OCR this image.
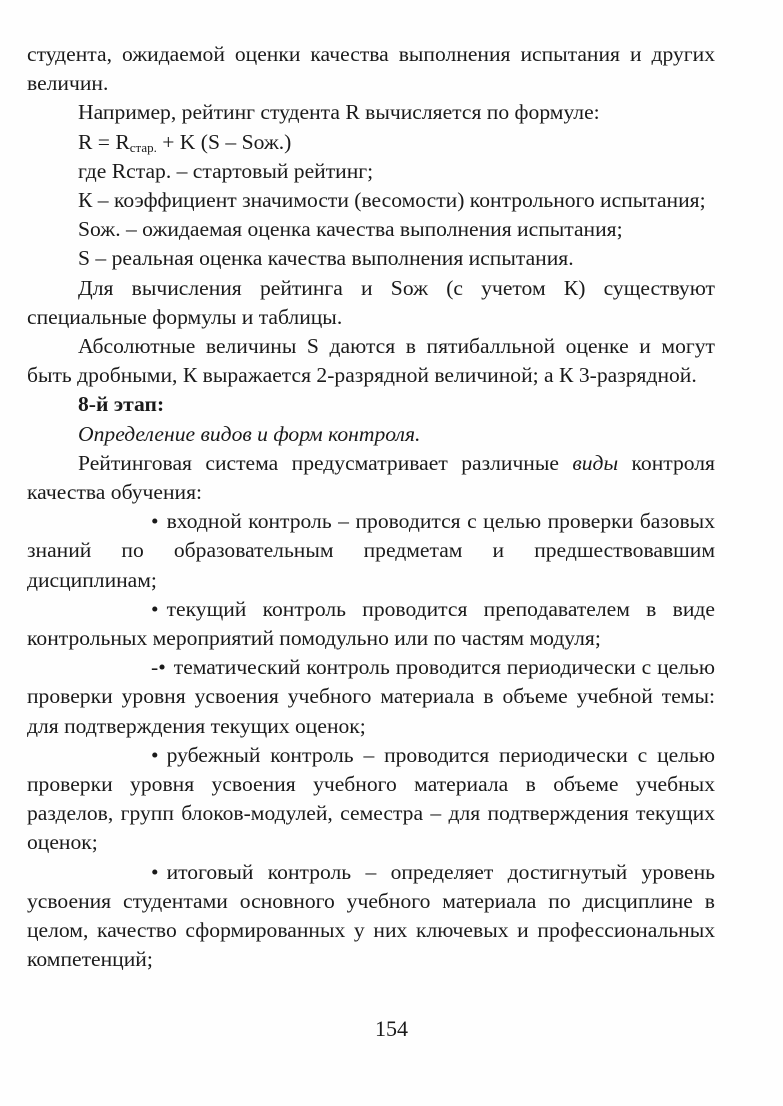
студента, ожидаемой оценки качества выполнения испытания и других величин.

Например, рейтинг студента R вычисляется по формуле:

$R = R_{стар.} + K$ (S – Sож.)

где Rстар. – стартовый рейтинг;

К – коэффициент значимости (весомости) контрольного испытания;

Sож. – ожидаемая оценка качества выполнения испытания;

S – реальная оценка качества выполнения испытания.

Для вычисления рейтинга и Sож (с учетом К) существуют специальные формулы и таблицы.

Абсолютные величины S даются в пятибалльной оценке и могут быть дробными, К выражается 2-разрядной величиной; а К 3-разрядной.

8-й этап:

Определение видов и форм контроля.

Рейтинговая система предусматривает различные виды контроля качества обучения:

• входной контроль – проводится с целью проверки базовых знаний по образовательным предметам и предшествовавшим дисциплинам;

• текущий контроль проводится преподавателем в виде контрольных мероприятий помодульно или по частям модуля;

-• тематический контроль проводится периодически с целью проверки уровня усвоения учебного материала в объеме учебной темы: для подтверждения текущих оценок;

• рубежный контроль – проводится периодически с целью проверки уровня усвоения учебного материала в объеме учебных разделов, групп блоков-модулей, семестра – для подтверждения текущих оценок;

• итоговый контроль – определяет достигнутый уровень усвоения студентами основного учебного материала по дисциплине в целом, качество сформированных у них ключевых и профессиональных компетенций;

154
